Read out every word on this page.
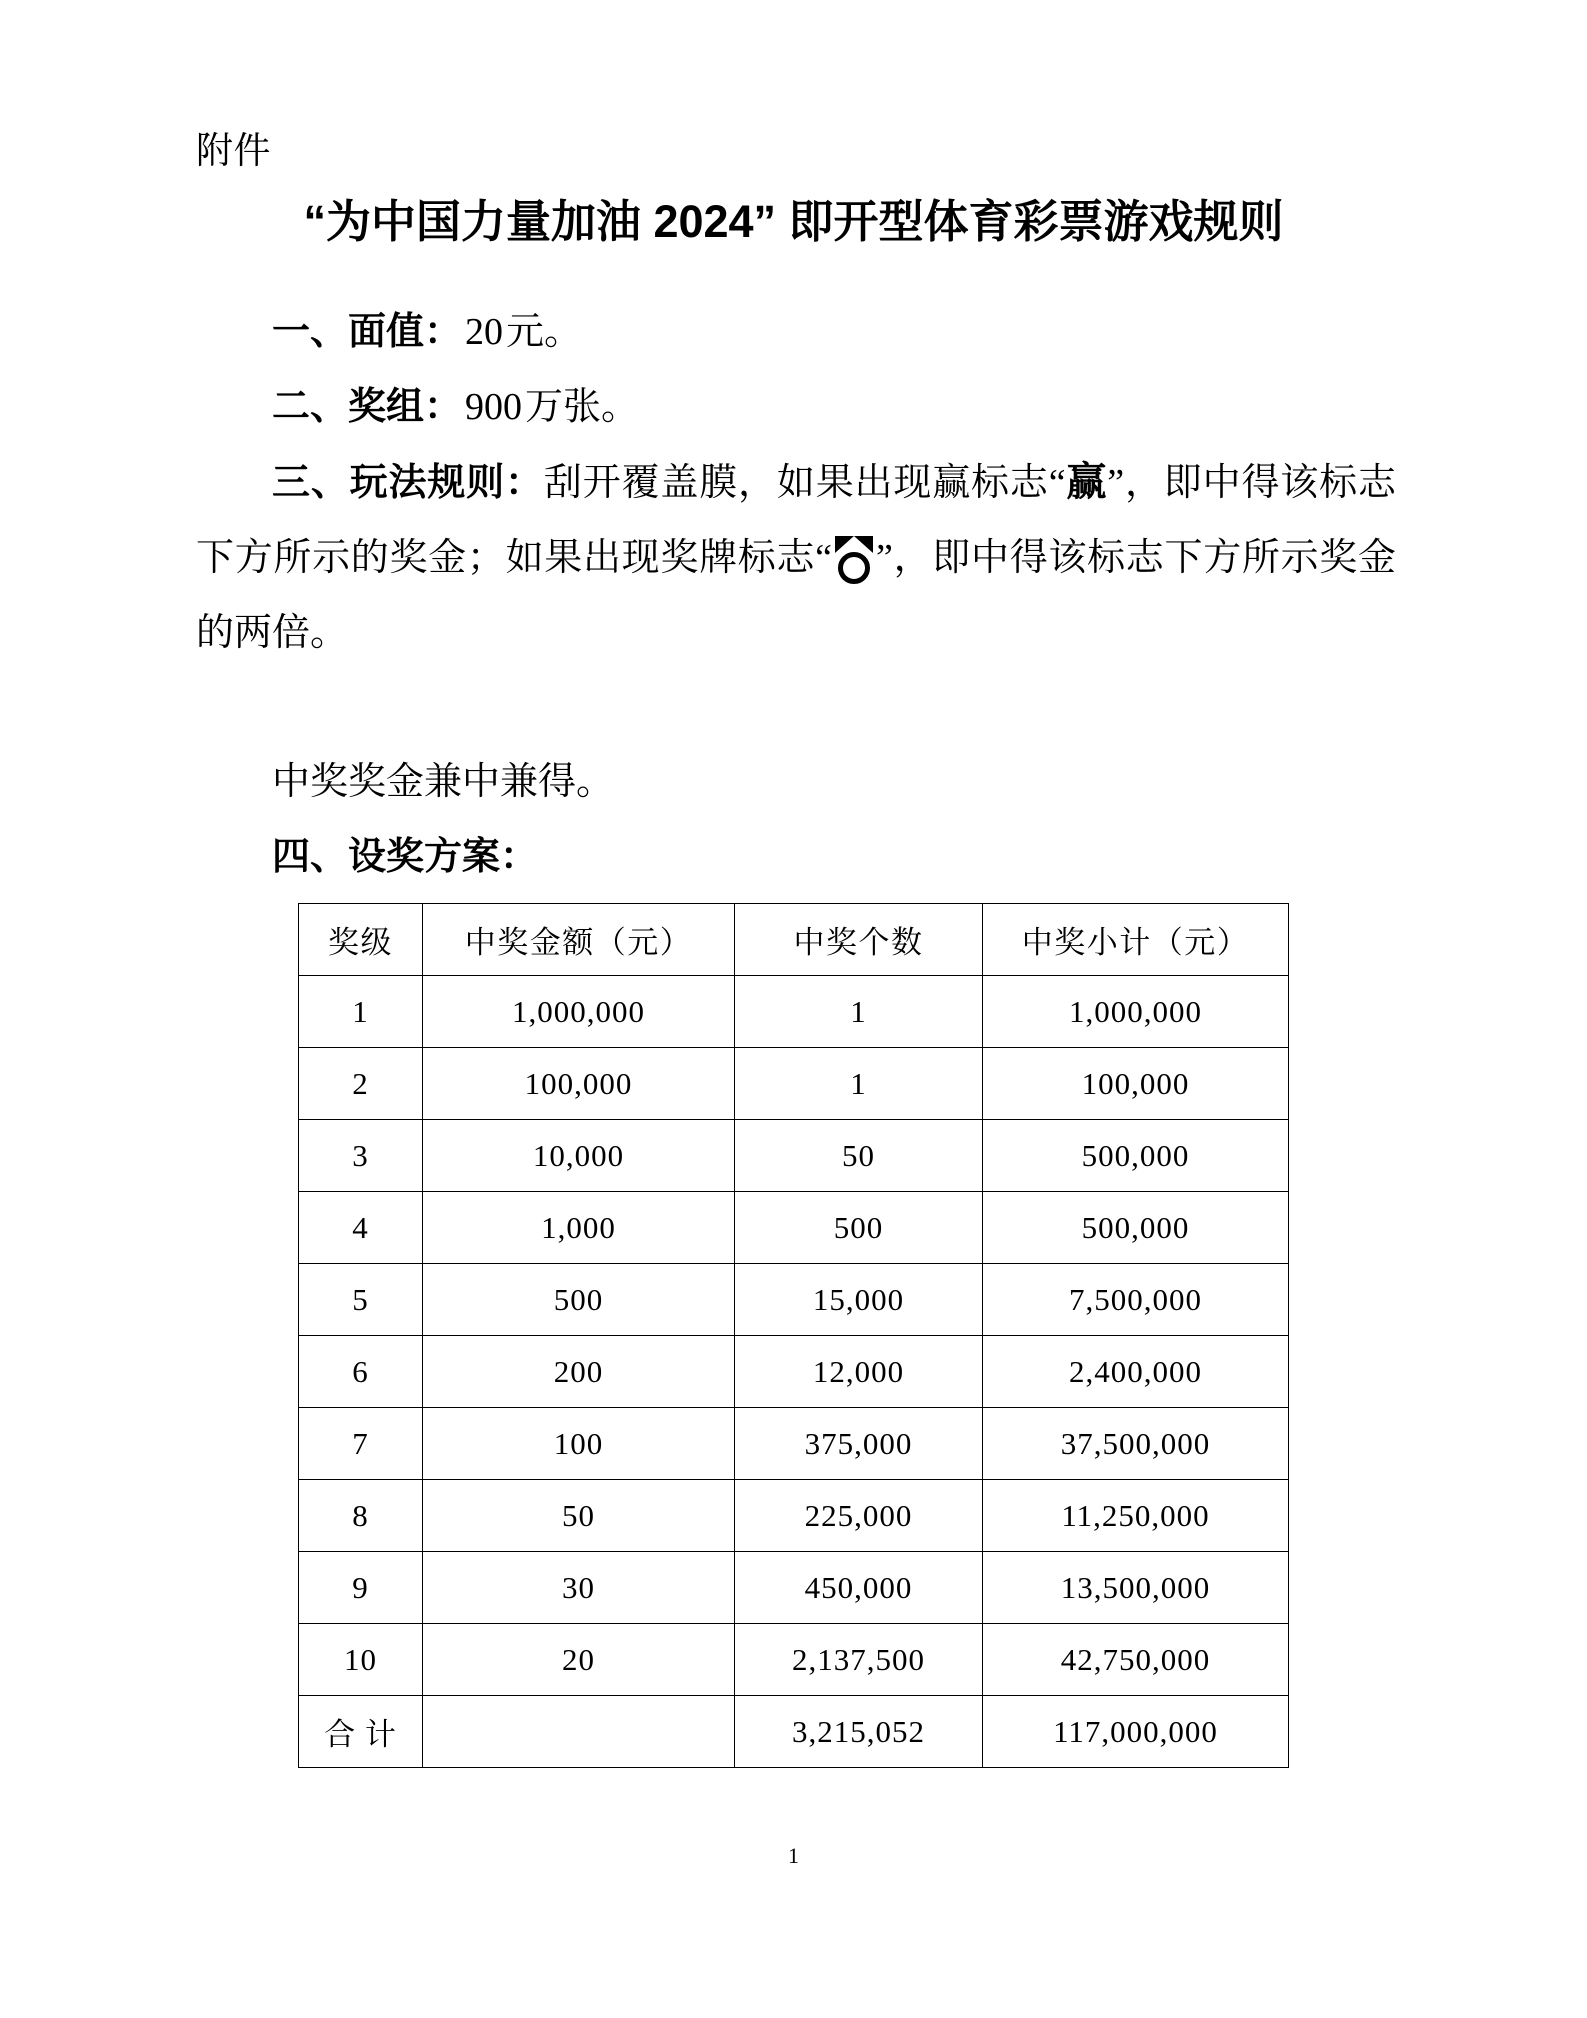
附件
“为中国力量加油 2024” 即开型体育彩票游戏规则

一、面值：20元。

二、奖组：900万张。

三、玩法规则：刮开覆盖膜，如果出现赢标志“赢”，即中得该标志下方所示的奖金；如果出现奖牌标志“ ”，即中得该标志下方所示奖金的两倍。

中奖奖金兼中兼得。

四、设奖方案：
奖级	中奖金额（元）	中奖个数	中奖小计（元）
1	1,000,000	1	1,000,000
2	100,000	1	100,000
3	10,000	50	500,000
4	1,000	500	500,000
5	500	15,000	7,500,000
6	200	12,000	2,400,000
7	100	375,000	37,500,000
8	50	225,000	11,250,000
9	30	450,000	13,500,000
10	20	2,137,500	42,750,000
合 计		3,215,052	117,000,000
1
